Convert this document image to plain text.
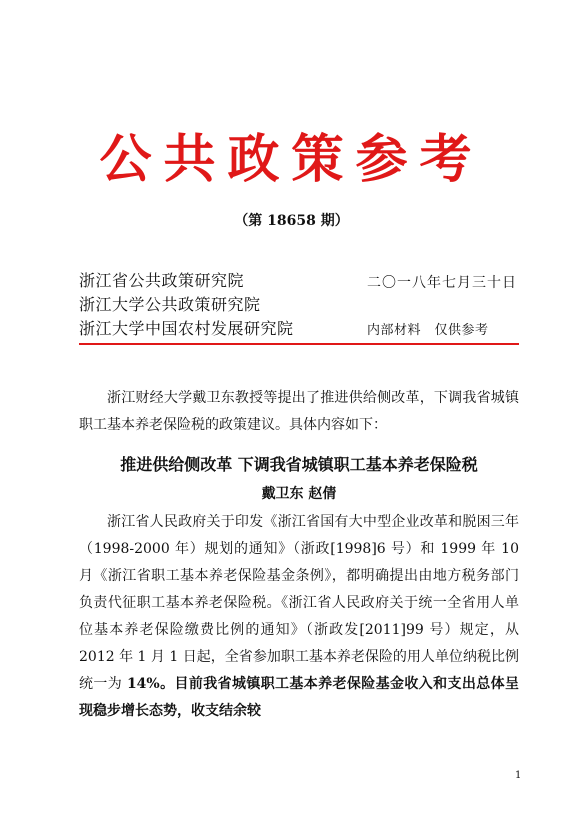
公共政策参考
（第 18658 期）
浙江省公共政策研究院
浙江大学公共政策研究院
浙江大学中国农村发展研究院
二〇一八年七月三十日
内部材料　仅供参考
浙江财经大学戴卫东教授等提出了推进供给侧改革，下调我省城镇职工基本养老保险税的政策建议。具体内容如下：
推进供给侧改革 下调我省城镇职工基本养老保险税
戴卫东 赵倩
浙江省人民政府关于印发《浙江省国有大中型企业改革和脱困三年（1998-2000 年）规划的通知》（浙政[1998]6 号）和 1999 年 10 月《浙江省职工基本养老保险基金条例》，都明确提出由地方税务部门负责代征职工基本养老保险税。《浙江省人民政府关于统一全省用人单位基本养老保险缴费比例的通知》（浙政发[2011]99 号）规定，从 2012 年 1 月 1 日起，全省参加职工基本养老保险的用人单位纳税比例统一为 14%。目前我省城镇职工基本养老保险基金收入和支出总体呈现稳步增长态势，收支结余较
1
